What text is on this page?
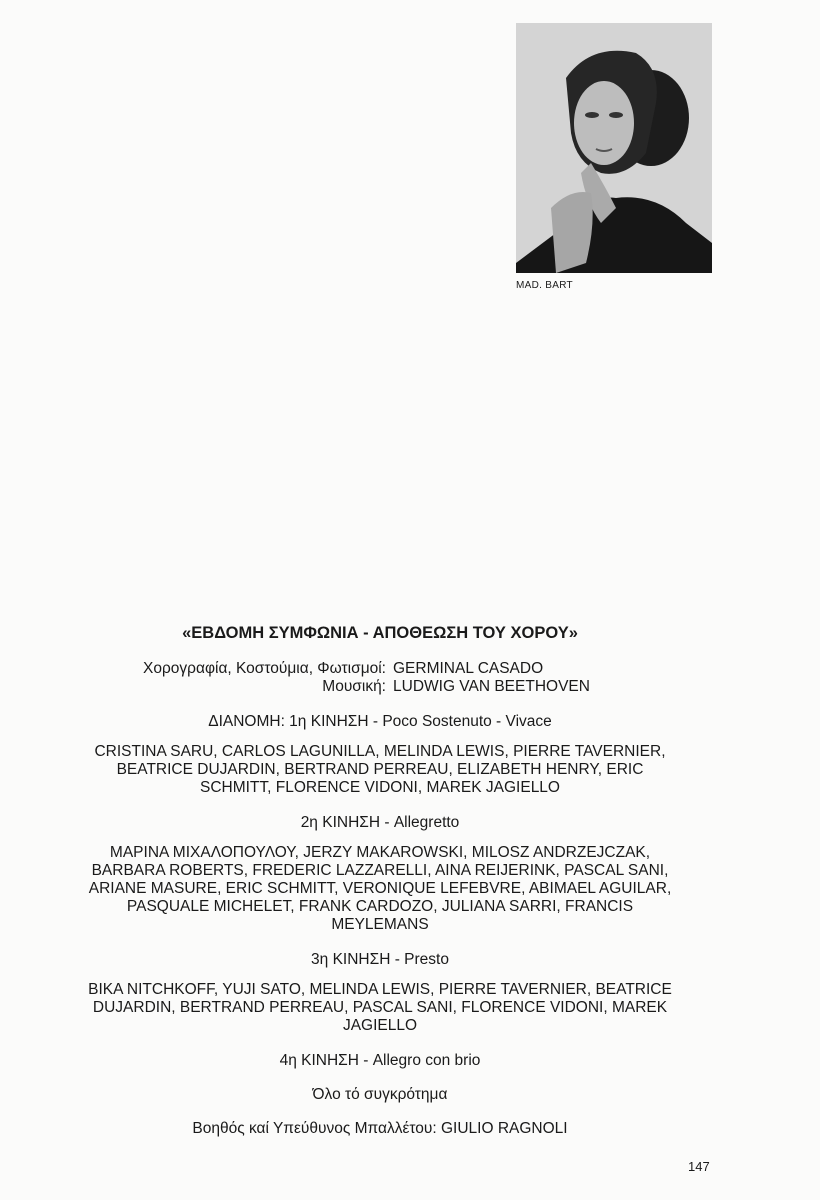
MAD. BART
«ΕΒΔΟΜΗ ΣΥΜΦΩΝΙΑ - ΑΠΟΘΕΩΣΗ ΤΟΥ ΧΟΡΟΥ»
Χορογραφία, Κοστούμια, Φωτισμοί: GERMINAL CASADO
Μουσική: LUDWIG VAN BEETHOVEN
ΔΙΑΝΟΜΗ: 1η ΚΙΝΗΣΗ - Poco Sostenuto - Vivace
CRISTINA SARU, CARLOS LAGUNILLA, MELINDA LEWIS, PIERRE TAVERNIER,
BEATRICE DUJARDIN, BERTRAND PERREAU, ELIZABETH HENRY, ERIC
SCHMITT, FLORENCE VIDONI, MAREK JAGIELLO
2η ΚΙΝΗΣΗ - Allegretto
ΜΑΡΙΝΑ ΜΙΧΑΛΟΠΟΥΛΟΥ, JERZY MAKAROWSKI, MILOSZ ANDRZEJCZAK,
BARBARA ROBERTS, FREDERIC LAZZARELLI, AINA REIJERINK, PASCAL SANI,
ARIANE MASURE, ERIC SCHMITT, VERONIQUE LEFEBVRE, ABIMAEL AGUILAR,
PASQUALE MICHELET, FRANK CARDOZO, JULIANA SARRI, FRANCIS
MEYLEMANS
3η ΚΙΝΗΣΗ - Presto
BIKA NITCHKOFF, YUJI SATO, MELINDA LEWIS, PIERRE TAVERNIER, BEATRICE
DUJARDIN, BERTRAND PERREAU, PASCAL SANI, FLORENCE VIDONI, MAREK
JAGIELLO
4η ΚΙΝΗΣΗ - Allegro con brio
Όλο τό συγκρότημα
Βοηθός καί Υπεύθυνος Μπαλλέτου: GIULIO RAGNOLI
147
